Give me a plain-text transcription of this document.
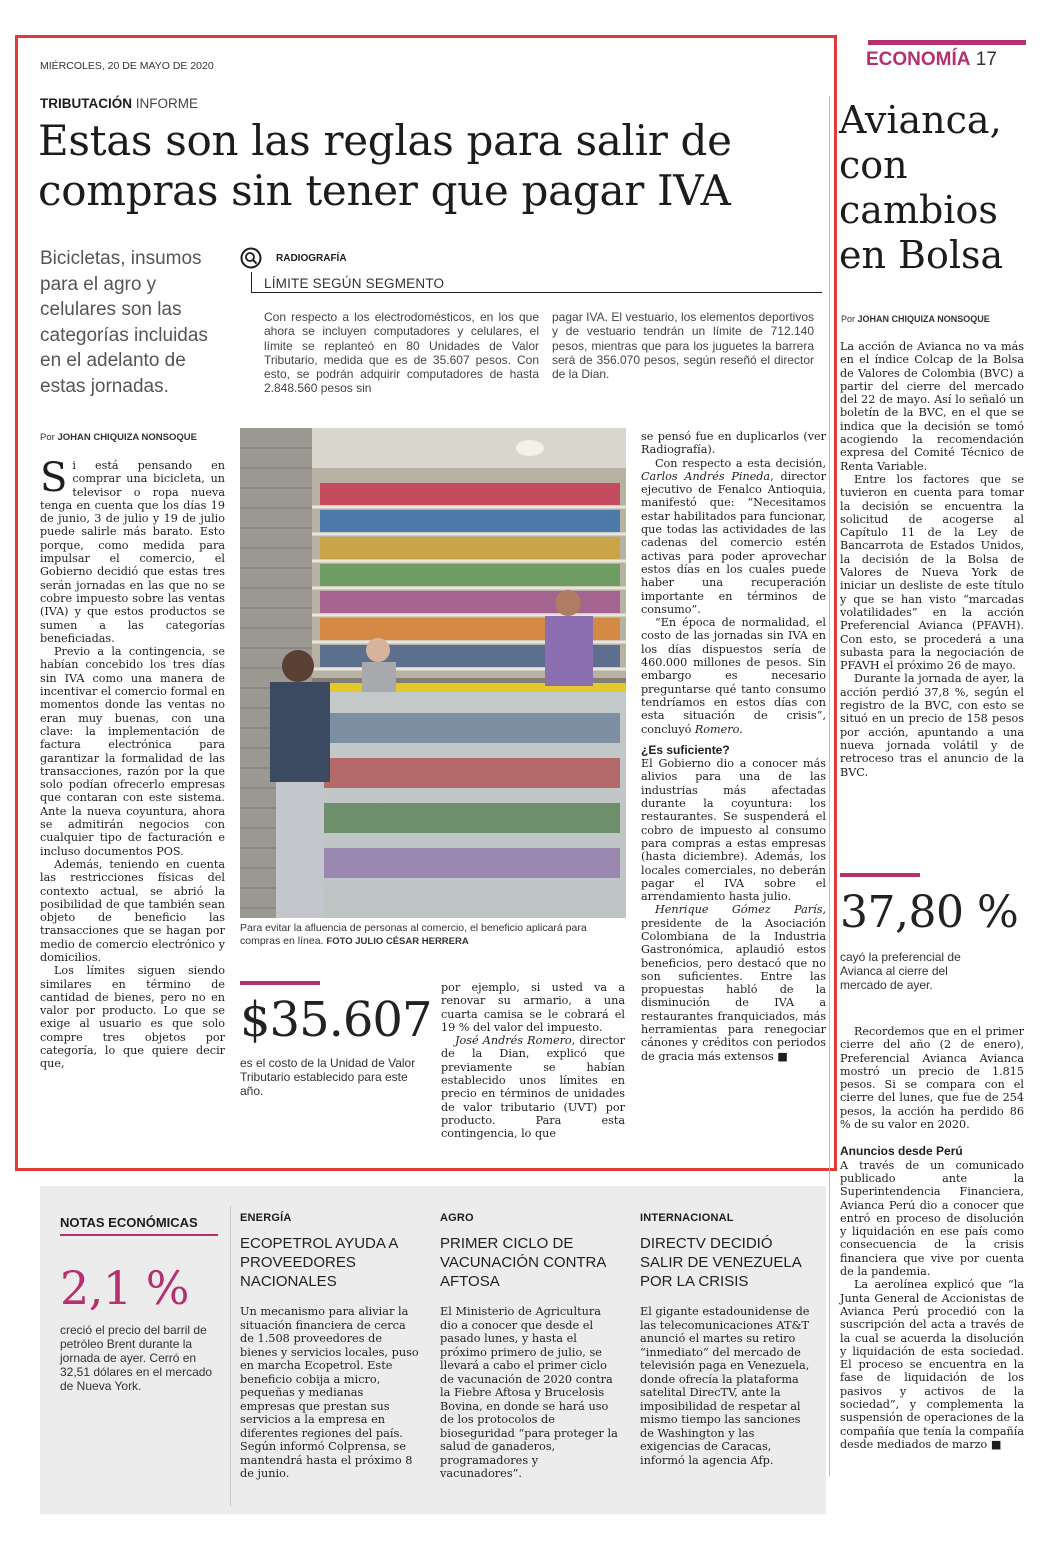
ECONOMÍA 17
MIÉRCOLES, 20 DE MAYO DE 2020
TRIBUTACIÓN INFORME
Estas son las reglas para salir de compras sin tener que pagar IVA
Bicicletas, insumos para el agro y celulares son las categorías incluidas en el adelanto de estas jornadas.
RADIOGRAFÍA
LÍMITE SEGÚN SEGMENTO
Con respecto a los electrodomésticos, en los que ahora se incluyen computadores y celulares, el límite se replanteó en 80 Unidades de Valor Tributario, medida que es de 35.607 pesos. Con esto, se podrán adquirir computadores de hasta 2.848.560 pesos sin
pagar IVA. El vestuario, los elementos deportivos y de vestuario tendrán un límite de 712.140 pesos, mientras que para los juguetes la barrera será de 356.070 pesos, según reseñó el director de la Dian.
Por JOHAN CHIQUIZA NONSOQUE

Si está pensando en comprar una bicicleta, un televisor o ropa nueva tenga en cuenta que los días 19 de junio, 3 de julio y 19 de julio puede salirle más barato. Esto porque, como medida para impulsar el comercio, el Gobierno decidió que estas tres serán jornadas en las que no se cobre impuesto sobre las ventas (IVA) y que estos productos se sumen a las categorías beneficiadas.

Previo a la contingencia, se habían concebido los tres días sin IVA como una manera de incentivar el comercio formal en momentos donde las ventas no eran muy buenas, con una clave: la implementación de factura electrónica para garantizar la formalidad de las transacciones, razón por la que solo podían ofrecerlo empresas que contaran con este sistema. Ante la nueva coyuntura, ahora se admitirán negocios con cualquier tipo de facturación e incluso documentos POS.

Además, teniendo en cuenta las restricciones físicas del contexto actual, se abrió la posibilidad de que también sean objeto de beneficio las transacciones que se hagan por medio de comercio electrónico y domicilios.

Los límites siguen siendo similares en término de cantidad de bienes, pero no en valor por producto. Lo que se exige al usuario es que solo compre tres objetos por categoría, lo que quiere decir que,

Para evitar la afluencia de personas al comercio, el beneficio aplicará para compras en línea. FOTO JULIO CÉSAR HERRERA
$35.607
es el costo de la Unidad de Valor Tributario establecido para este año.

por ejemplo, si usted va a renovar su armario, a una cuarta camisa se le cobrará el 19 % del valor del impuesto.

José Andrés Romero, director de la Dian, explicó que previamente se habían establecido unos límites en precio en términos de unidades de valor tributario (UVT) por producto. Para esta contingencia, lo que

se pensó fue en duplicarlos (ver Radiografía).

Con respecto a esta decisión, Carlos Andrés Pineda, director ejecutivo de Fenalco Antioquia, manifestó que: “Necesitamos estar habilitados para funcionar, que todas las actividades de las cadenas del comercio estén activas para poder aprovechar estos días en los cuales puede haber una recuperación importante en términos de consumo”.

“En época de normalidad, el costo de las jornadas sin IVA en los días dispuestos sería de 460.000 millones de pesos. Sin embargo es necesario preguntarse qué tanto consumo tendríamos en estos días con esta situación de crisis”, concluyó Romero.

¿Es suficiente?

El Gobierno dio a conocer más alivios para una de las industrias más afectadas durante la coyuntura: los restaurantes. Se suspenderá el cobro de impuesto al consumo para compras a estas empresas (hasta diciembre). Además, los locales comerciales, no deberán pagar el IVA sobre el arrendamiento hasta julio.

Henrique Gómez París, presidente de la Asociación Colombiana de la Industria Gastronómica, aplaudió estos beneficios, pero destacó que no son suficientes. Entre las propuestas habló de la disminución de IVA a restaurantes franquiciados, más herramientas para renegociar cánones y créditos con periodos de gracia más extensos ■

Avianca, con cambios en Bolsa
Por JOHAN CHIQUIZA NONSOQUE

La acción de Avianca no va más en el índice Colcap de la Bolsa de Valores de Colombia (BVC) a partir del cierre del mercado del 22 de mayo. Así lo señaló un boletín de la BVC, en el que se indica que la decisión se tomó acogiendo la recomendación expresa del Comité Técnico de Renta Variable.

Entre los factores que se tuvieron en cuenta para tomar la decisión se encuentra la solicitud de acogerse al Capítulo 11 de la Ley de Bancarrota de Estados Unidos, la decisión de la Bolsa de Valores de Nueva York de iniciar un desliste de este título y que se han visto “marcadas volatilidades” en la acción Preferencial Avianca (PFAVH). Con esto, se procederá a una subasta para la negociación de PFAVH el próximo 26 de mayo.

Durante la jornada de ayer, la acción perdió 37,8 %, según el registro de la BVC, con esto se situó en un precio de 158 pesos por acción, apuntando a una nueva jornada volátil y de retroceso tras el anuncio de la BVC.

37,80 %
cayó la preferencial de Avianca al cierre del mercado de ayer.

Recordemos que en el primer cierre del año (2 de enero), Preferencial Avianca Avianca mostró un precio de 1.815 pesos. Si se compara con el cierre del lunes, que fue de 254 pesos, la acción ha perdido 86 % de su valor en 2020.

Anuncios desde Perú

A través de un comunicado publicado ante la Superintendencia Financiera, Avianca Perú dio a conocer que entró en proceso de disolución y liquidación en ese país como consecuencia de la crisis financiera que vive por cuenta de la pandemia.

La aerolínea explicó que “la Junta General de Accionistas de Avianca Perú procedió con la suscripción del acta a través de la cual se acuerda la disolución y liquidación de esta sociedad. El proceso se encuentra en la fase de liquidación de los pasivos y activos de la sociedad”, y complementa la suspensión de operaciones de la compañía que tenía la compañía desde mediados de marzo ■

NOTAS ECONÓMICAS
2,1 %
creció el precio del barril de petróleo Brent durante la jornada de ayer. Cerró en 32,51 dólares en el mercado de Nueva York.
ENERGÍA
ECOPETROL AYUDA A PROVEEDORES NACIONALES
Un mecanismo para aliviar la situación financiera de cerca de 1.508 proveedores de bienes y servicios locales, puso en marcha Ecopetrol. Este beneficio cobija a micro, pequeñas y medianas empresas que prestan sus servicios a la empresa en diferentes regiones del país. Según informó Colprensa, se mantendrá hasta el próximo 8 de junio.
AGRO
PRIMER CICLO DE VACUNACIÓN CONTRA AFTOSA
El Ministerio de Agricultura dio a conocer que desde el pasado lunes, y hasta el próximo primero de julio, se llevará a cabo el primer ciclo de vacunación de 2020 contra la Fiebre Aftosa y Brucelosis Bovina, en donde se hará uso de los protocolos de bioseguridad “para proteger la salud de ganaderos, programadores y vacunadores”.
INTERNACIONAL
DIRECTV DECIDIÓ SALIR DE VENEZUELA POR LA CRISIS
El gigante estadounidense de las telecomunicaciones AT&T anunció el martes su retiro “inmediato” del mercado de televisión paga en Venezuela, donde ofrecía la plataforma satelital DirecTV, ante la imposibilidad de respetar al mismo tiempo las sanciones de Washington y las exigencias de Caracas, informó la agencia Afp.
